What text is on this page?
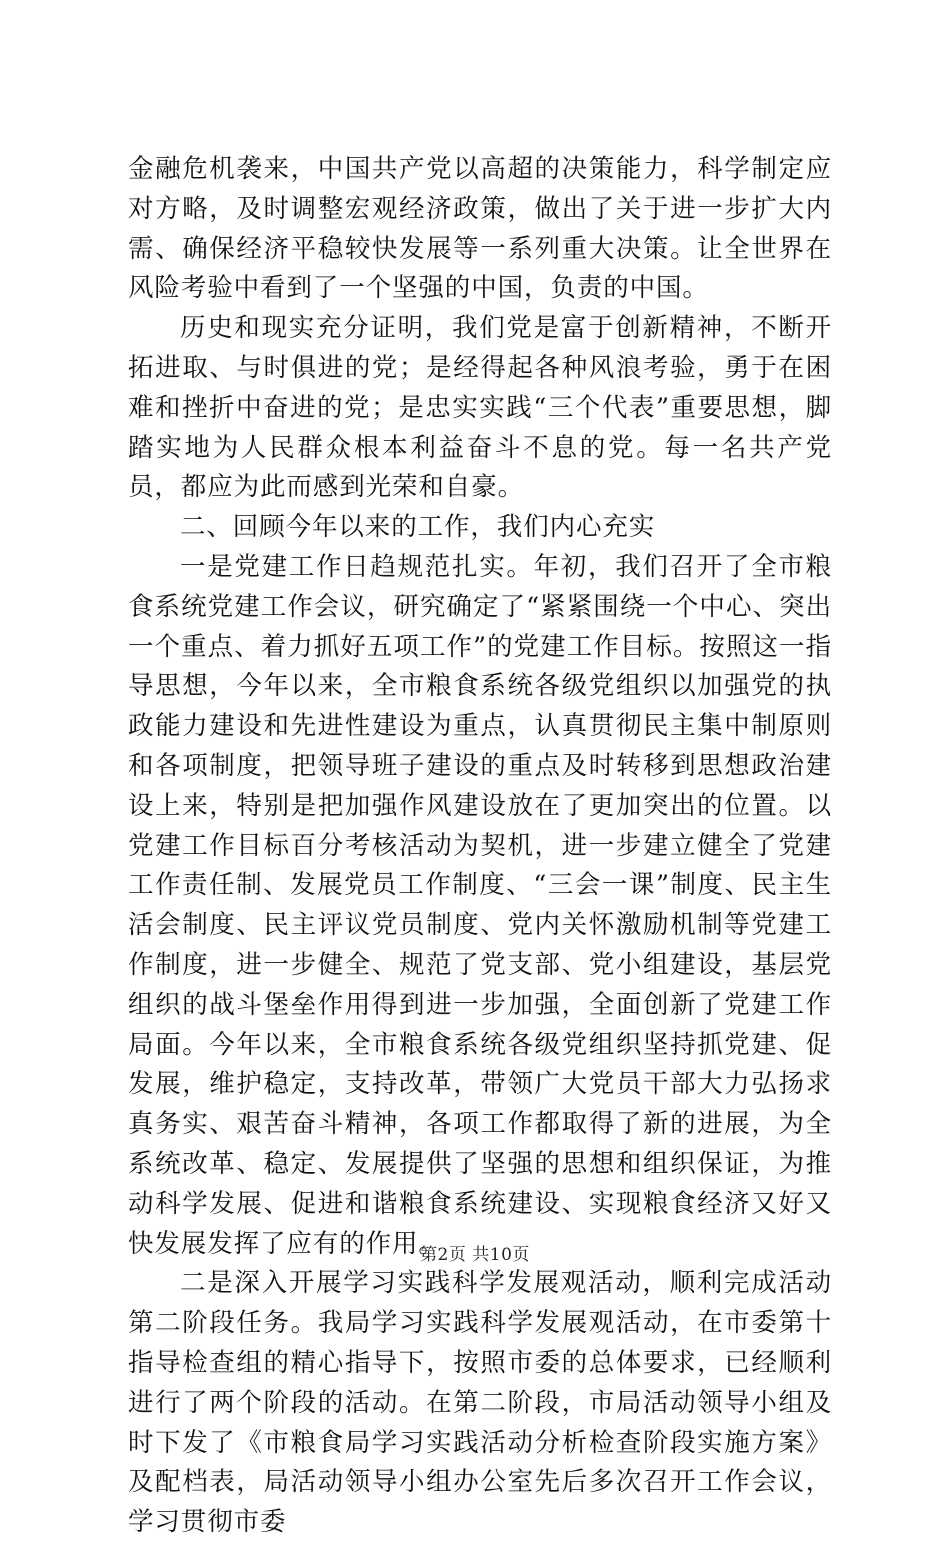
金融危机袭来，中国共产党以高超的决策能力，科学制定应对方略，及时调整宏观经济政策，做出了关于进一步扩大内需、确保经济平稳较快发展等一系列重大决策。让全世界在风险考验中看到了一个坚强的中国，负责的中国。

历史和现实充分证明，我们党是富于创新精神，不断开拓进取、与时俱进的党；是经得起各种风浪考验，勇于在困难和挫折中奋进的党；是忠实实践“三个代表”重要思想，脚踏实地为人民群众根本利益奋斗不息的党。每一名共产党员，都应为此而感到光荣和自豪。

二、回顾今年以来的工作，我们内心充实

一是党建工作日趋规范扎实。年初，我们召开了全市粮食系统党建工作会议，研究确定了“紧紧围绕一个中心、突出一个重点、着力抓好五项工作”的党建工作目标。按照这一指导思想，今年以来，全市粮食系统各级党组织以加强党的执政能力建设和先进性建设为重点，认真贯彻民主集中制原则和各项制度，把领导班子建设的重点及时转移到思想政治建设上来，特别是把加强作风建设放在了更加突出的位置。以党建工作目标百分考核活动为契机，进一步建立健全了党建工作责任制、发展党员工作制度、“三会一课”制度、民主生活会制度、民主评议党员制度、党内关怀激励机制等党建工作制度，进一步健全、规范了党支部、党小组建设，基层党组织的战斗堡垒作用得到进一步加强，全面创新了党建工作局面。今年以来，全市粮食系统各级党组织坚持抓党建、促发展，维护稳定，支持改革，带领广大党员干部大力弘扬求真务实、艰苦奋斗精神，各项工作都取得了新的进展，为全系统改革、稳定、发展提供了坚强的思想和组织保证，为推动科学发展、促进和谐粮食系统建设、实现粮食经济又好又快发展发挥了应有的作用。

二是深入开展学习实践科学发展观活动，顺利完成活动第二阶段任务。我局学习实践科学发展观活动，在市委第十指导检查组的精心指导下，按照市委的总体要求，已经顺利进行了两个阶段的活动。在第二阶段，市局活动领导小组及时下发了《市粮食局学习实践活动分析检查阶段实施方案》及配档表，局活动领导小组办公室先后多次召开工作会议，学习贯彻市委

第2页 共10页
